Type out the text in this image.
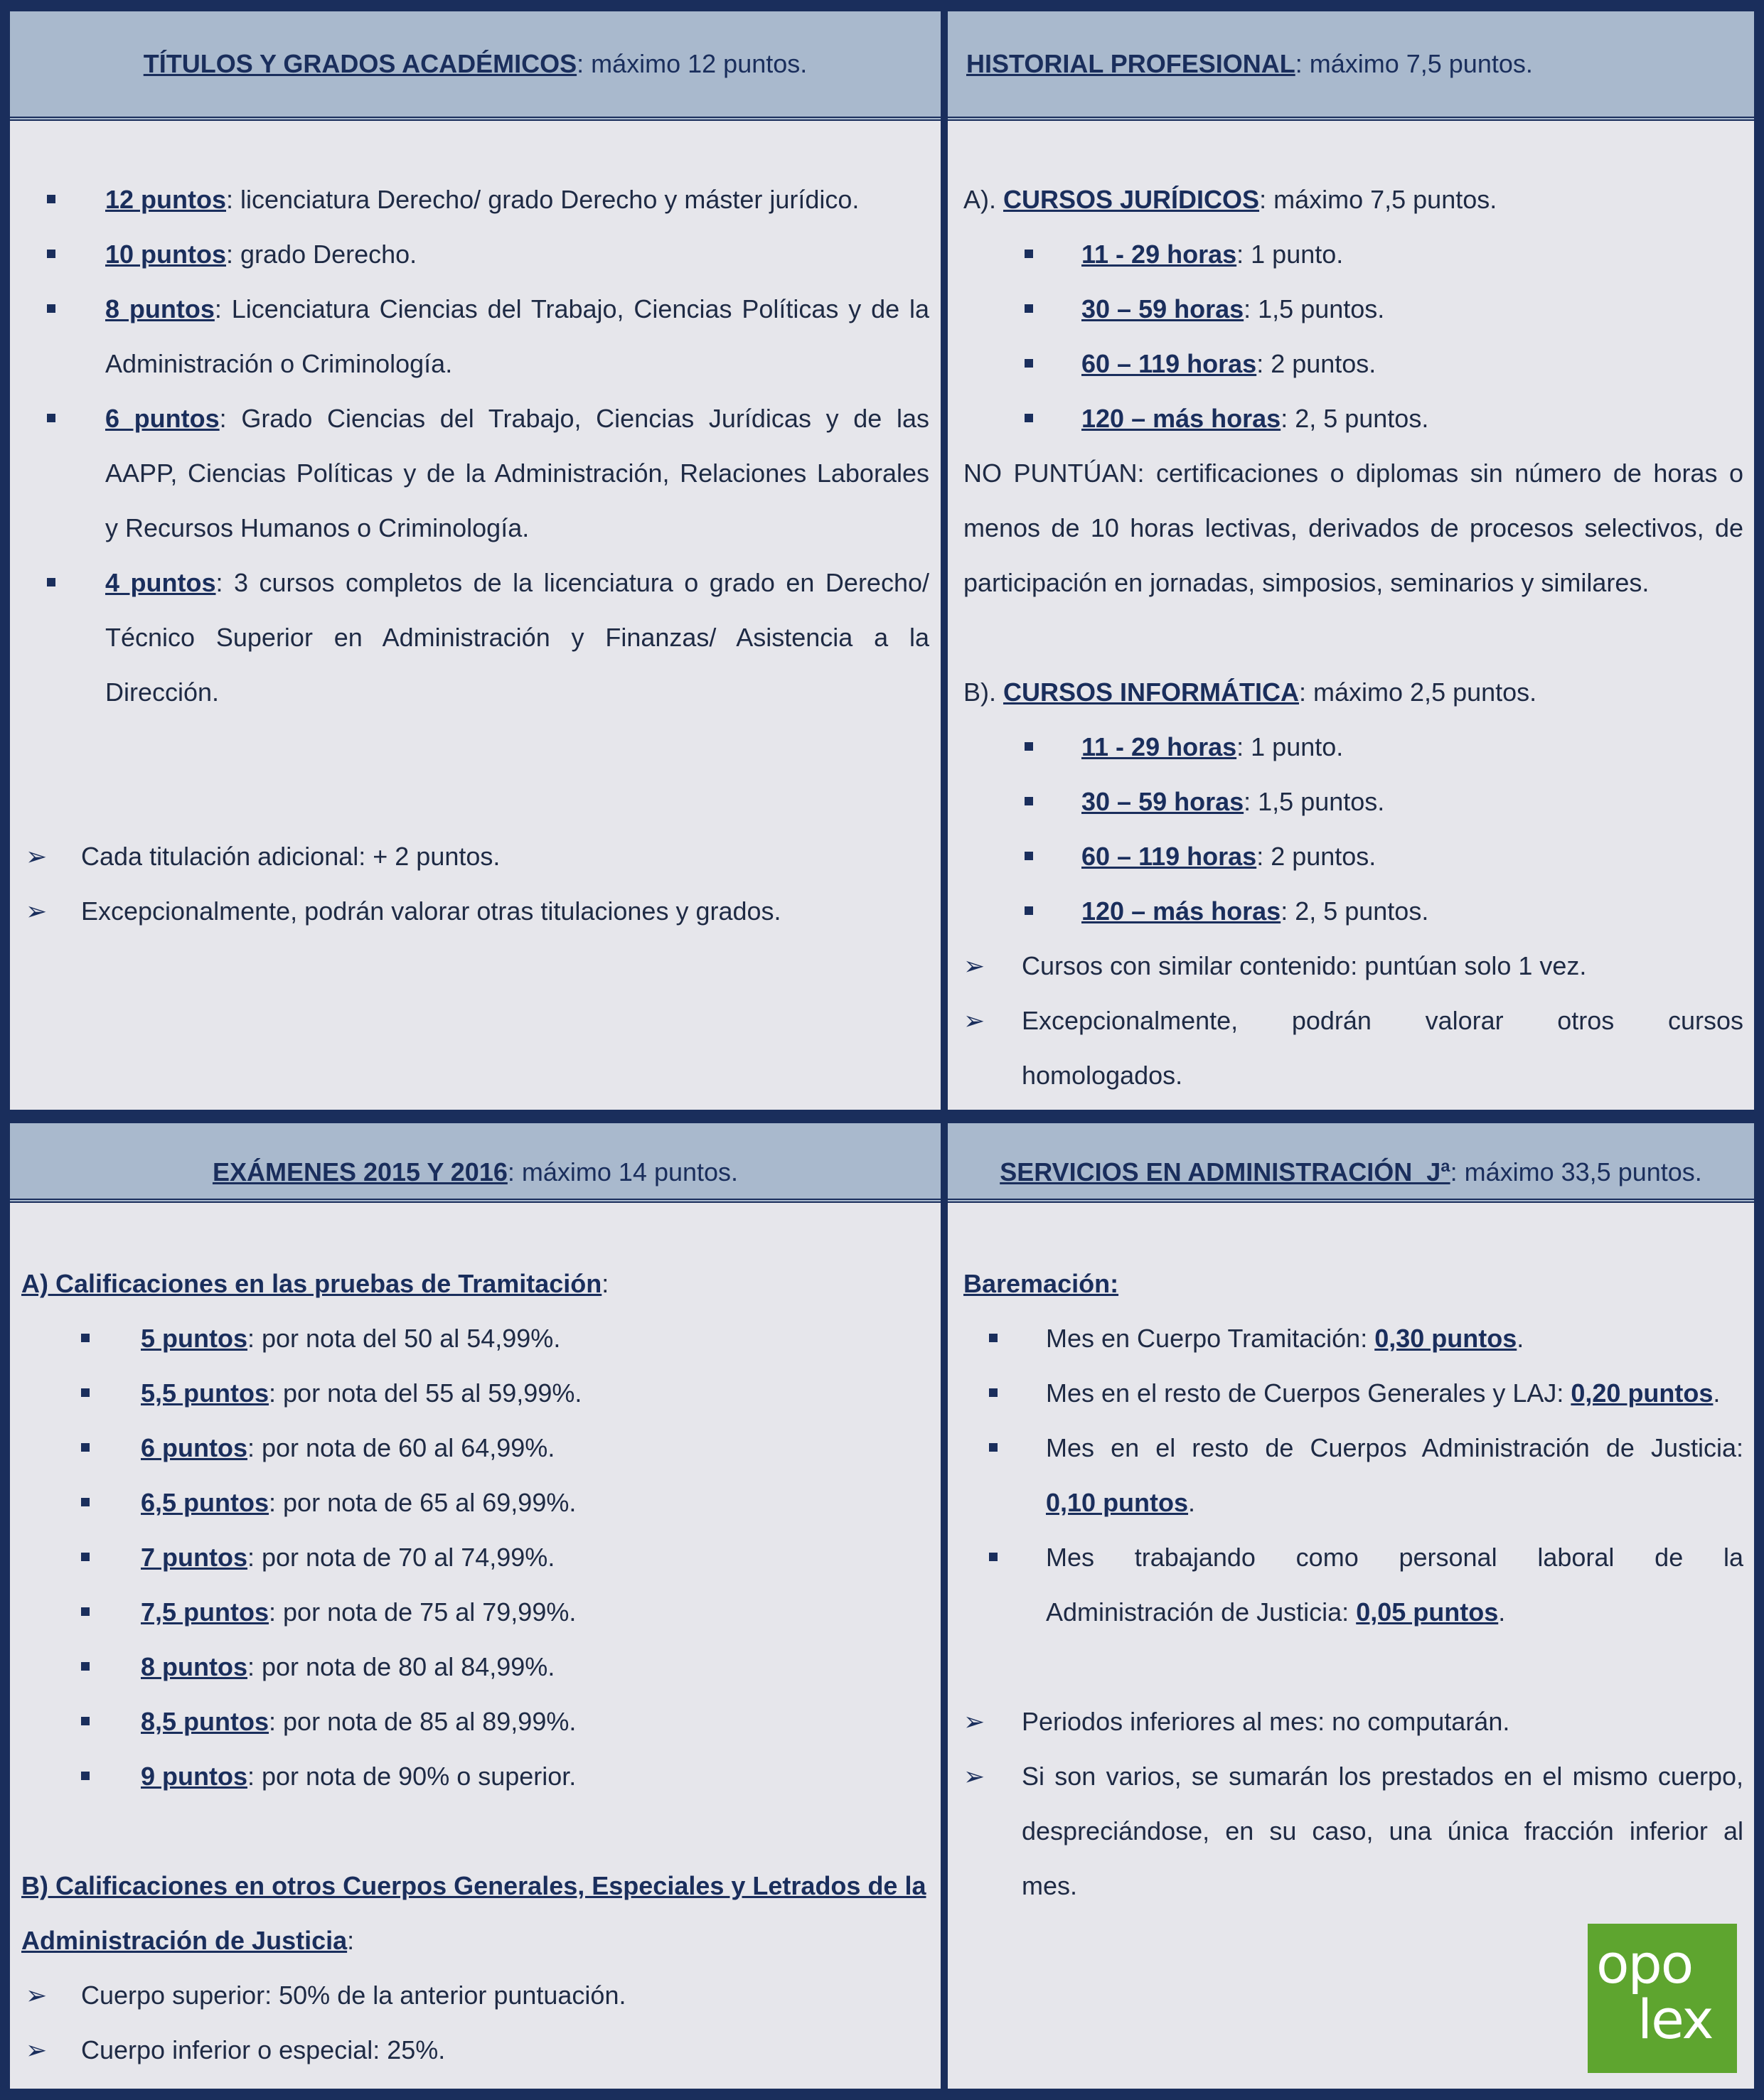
TÍTULOS Y GRADOS ACADÉMICOS: máximo 12 puntos.
12 puntos: licenciatura Derecho/ grado Derecho y máster jurídico.
10 puntos: grado Derecho.
8 puntos: Licenciatura Ciencias del Trabajo, Ciencias Políticas y de la
Administración o Criminología.
6 puntos: Grado Ciencias del Trabajo, Ciencias Jurídicas y de las
AAPP, Ciencias Políticas y de la Administración, Relaciones Laborales
y Recursos Humanos o Criminología.
4 puntos: 3 cursos completos de la licenciatura o grado en Derecho/
Técnico Superior en Administración y Finanzas/ Asistencia a la
Dirección.
➢ Cada titulación adicional: + 2 puntos.
➢ Excepcionalmente, podrán valorar otras titulaciones y grados.
HISTORIAL PROFESIONAL: máximo 7,5 puntos.
A). CURSOS JURÍDICOS: máximo 7,5 puntos.
11 - 29 horas: 1 punto.
30 – 59 horas: 1,5 puntos.
60 – 119 horas: 2 puntos.
120 – más horas: 2, 5 puntos.
NO PUNTÚAN: certificaciones o diplomas sin número de horas o
menos de 10 horas lectivas, derivados de procesos selectivos, de
participación en jornadas, simposios, seminarios y similares.
B). CURSOS INFORMÁTICA: máximo 2,5 puntos.
11 - 29 horas: 1 punto.
30 – 59 horas: 1,5 puntos.
60 – 119 horas: 2 puntos.
120 – más horas: 2, 5 puntos.
➢ Cursos con similar contenido: puntúan solo 1 vez.
➢ Excepcionalmente, podrán valorar otros cursos
homologados.
EXÁMENES 2015 Y 2016: máximo 14 puntos.
A) Calificaciones en las pruebas de Tramitación:
5 puntos: por nota del 50 al 54,99%.
5,5 puntos: por nota del 55 al 59,99%.
6 puntos: por nota de 60 al 64,99%.
6,5 puntos: por nota de 65 al 69,99%.
7 puntos: por nota de 70 al 74,99%.
7,5 puntos: por nota de 75 al 79,99%.
8 puntos: por nota de 80 al 84,99%.
8,5 puntos: por nota de 85 al 89,99%.
9 puntos: por nota de 90% o superior.
B) Calificaciones en otros Cuerpos Generales, Especiales y Letrados de la
Administración de Justicia:
➢ Cuerpo superior: 50% de la anterior puntuación.
➢ Cuerpo inferior o especial: 25%.
SERVICIOS EN ADMINISTRACIÓN  Jª: máximo 33,5 puntos.
Baremación:
Mes en Cuerpo Tramitación: 0,30 puntos.
Mes en el resto de Cuerpos Generales y LAJ: 0,20 puntos.
Mes en el resto de Cuerpos Administración de Justicia:
0,10 puntos.
Mes trabajando como personal laboral de la
Administración de Justicia: 0,05 puntos.
➢ Periodos inferiores al mes: no computarán.
➢ Si son varios, se sumarán los prestados en el mismo cuerpo,
despreciándose, en su caso, una única fracción inferior al
mes.
opo
lex
